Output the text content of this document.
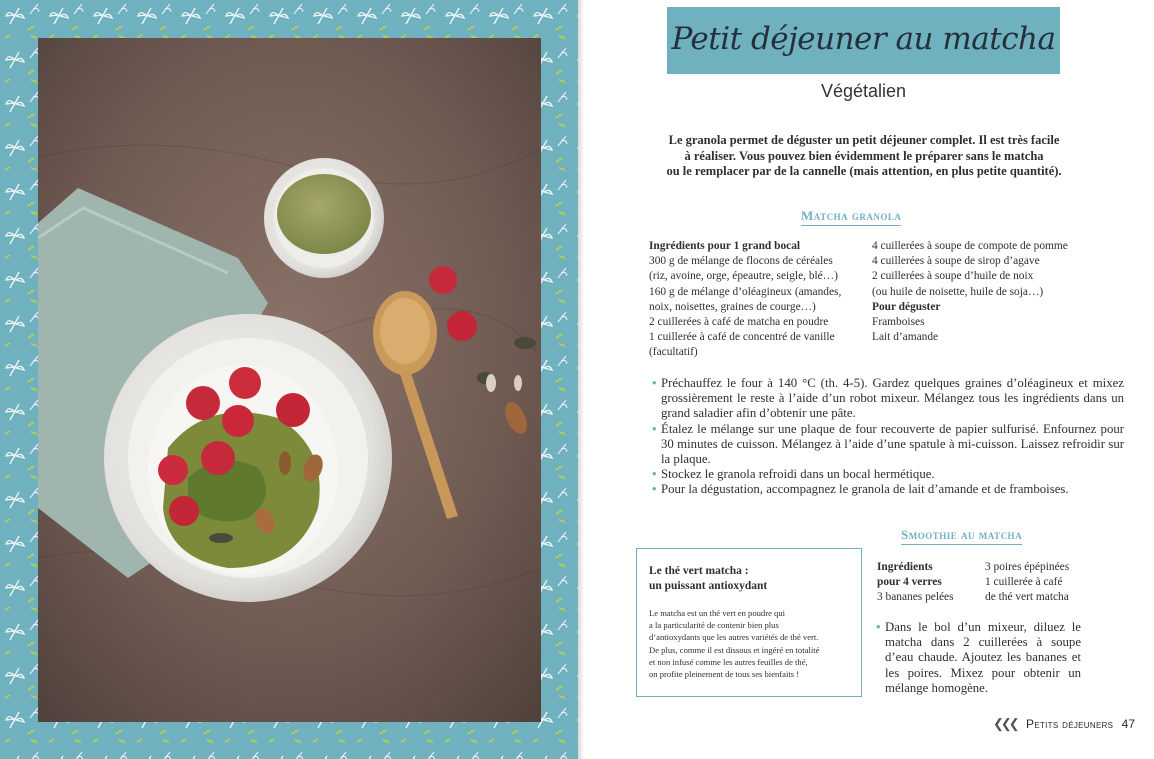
Petit déjeuner au matcha
Végétalien
Le granola permet de déguster un petit déjeuner complet. Il est très facile
à réaliser. Vous pouvez bien évidemment le préparer sans le matcha
ou le remplacer par de la cannelle (mais attention, en plus petite quantité).
Matcha granola
Ingrédients pour 1 grand bocal
300 g de mélange de flocons de céréales
(riz, avoine, orge, épeautre, seigle, blé…)
160 g de mélange d’oléagineux (amandes,
noix, noisettes, graines de courge…)
2 cuillerées à café de matcha en poudre
1 cuillerée à café de concentré de vanille
(facultatif)
4 cuillerées à soupe de compote de pomme
4 cuillerées à soupe de sirop d’agave
2 cuillerées à soupe d’huile de noix
(ou huile de noisette, huile de soja…)
Pour déguster
Framboises
Lait d’amande
• Préchauffez le four à 140 °C (th. 4-5). Gardez quelques graines d’oléagineux et mixez grossièrement le reste à l’aide d’un robot mixeur. Mélangez tous les ingrédients dans un grand saladier afin d’obtenir une pâte.
• Étalez le mélange sur une plaque de four recouverte de papier sulfurisé. Enfournez pour 30 minutes de cuisson. Mélangez à l’aide d’une spatule à mi-cuisson. Laissez refroidir sur la plaque.
• Stockez le granola refroidi dans un bocal hermétique.
• Pour la dégustation, accompagnez le granola de lait d’amande et de framboises.
Le thé vert matcha :
un puissant antioxydant
Le matcha est un thé vert en poudre qui
a la particularité de contenir bien plus
d’antioxydants que les autres variétés de thé vert.
De plus, comme il est dissous et ingéré en totalité
et non infusé comme les autres feuilles de thé,
on profite pleinement de tous ses bienfaits !
Smoothie au matcha
Ingrédients
pour 4 verres
3 bananes pelées
3 poires épépinées
1 cuillerée à café
de thé vert matcha
• Dans le bol d’un mixeur, diluez le matcha dans 2 cuillerées à soupe d’eau chaude. Ajoutez les bananes et les poires. Mixez pour obtenir un mélange homogène.
❮❮❮ Petits déjeuners 47
